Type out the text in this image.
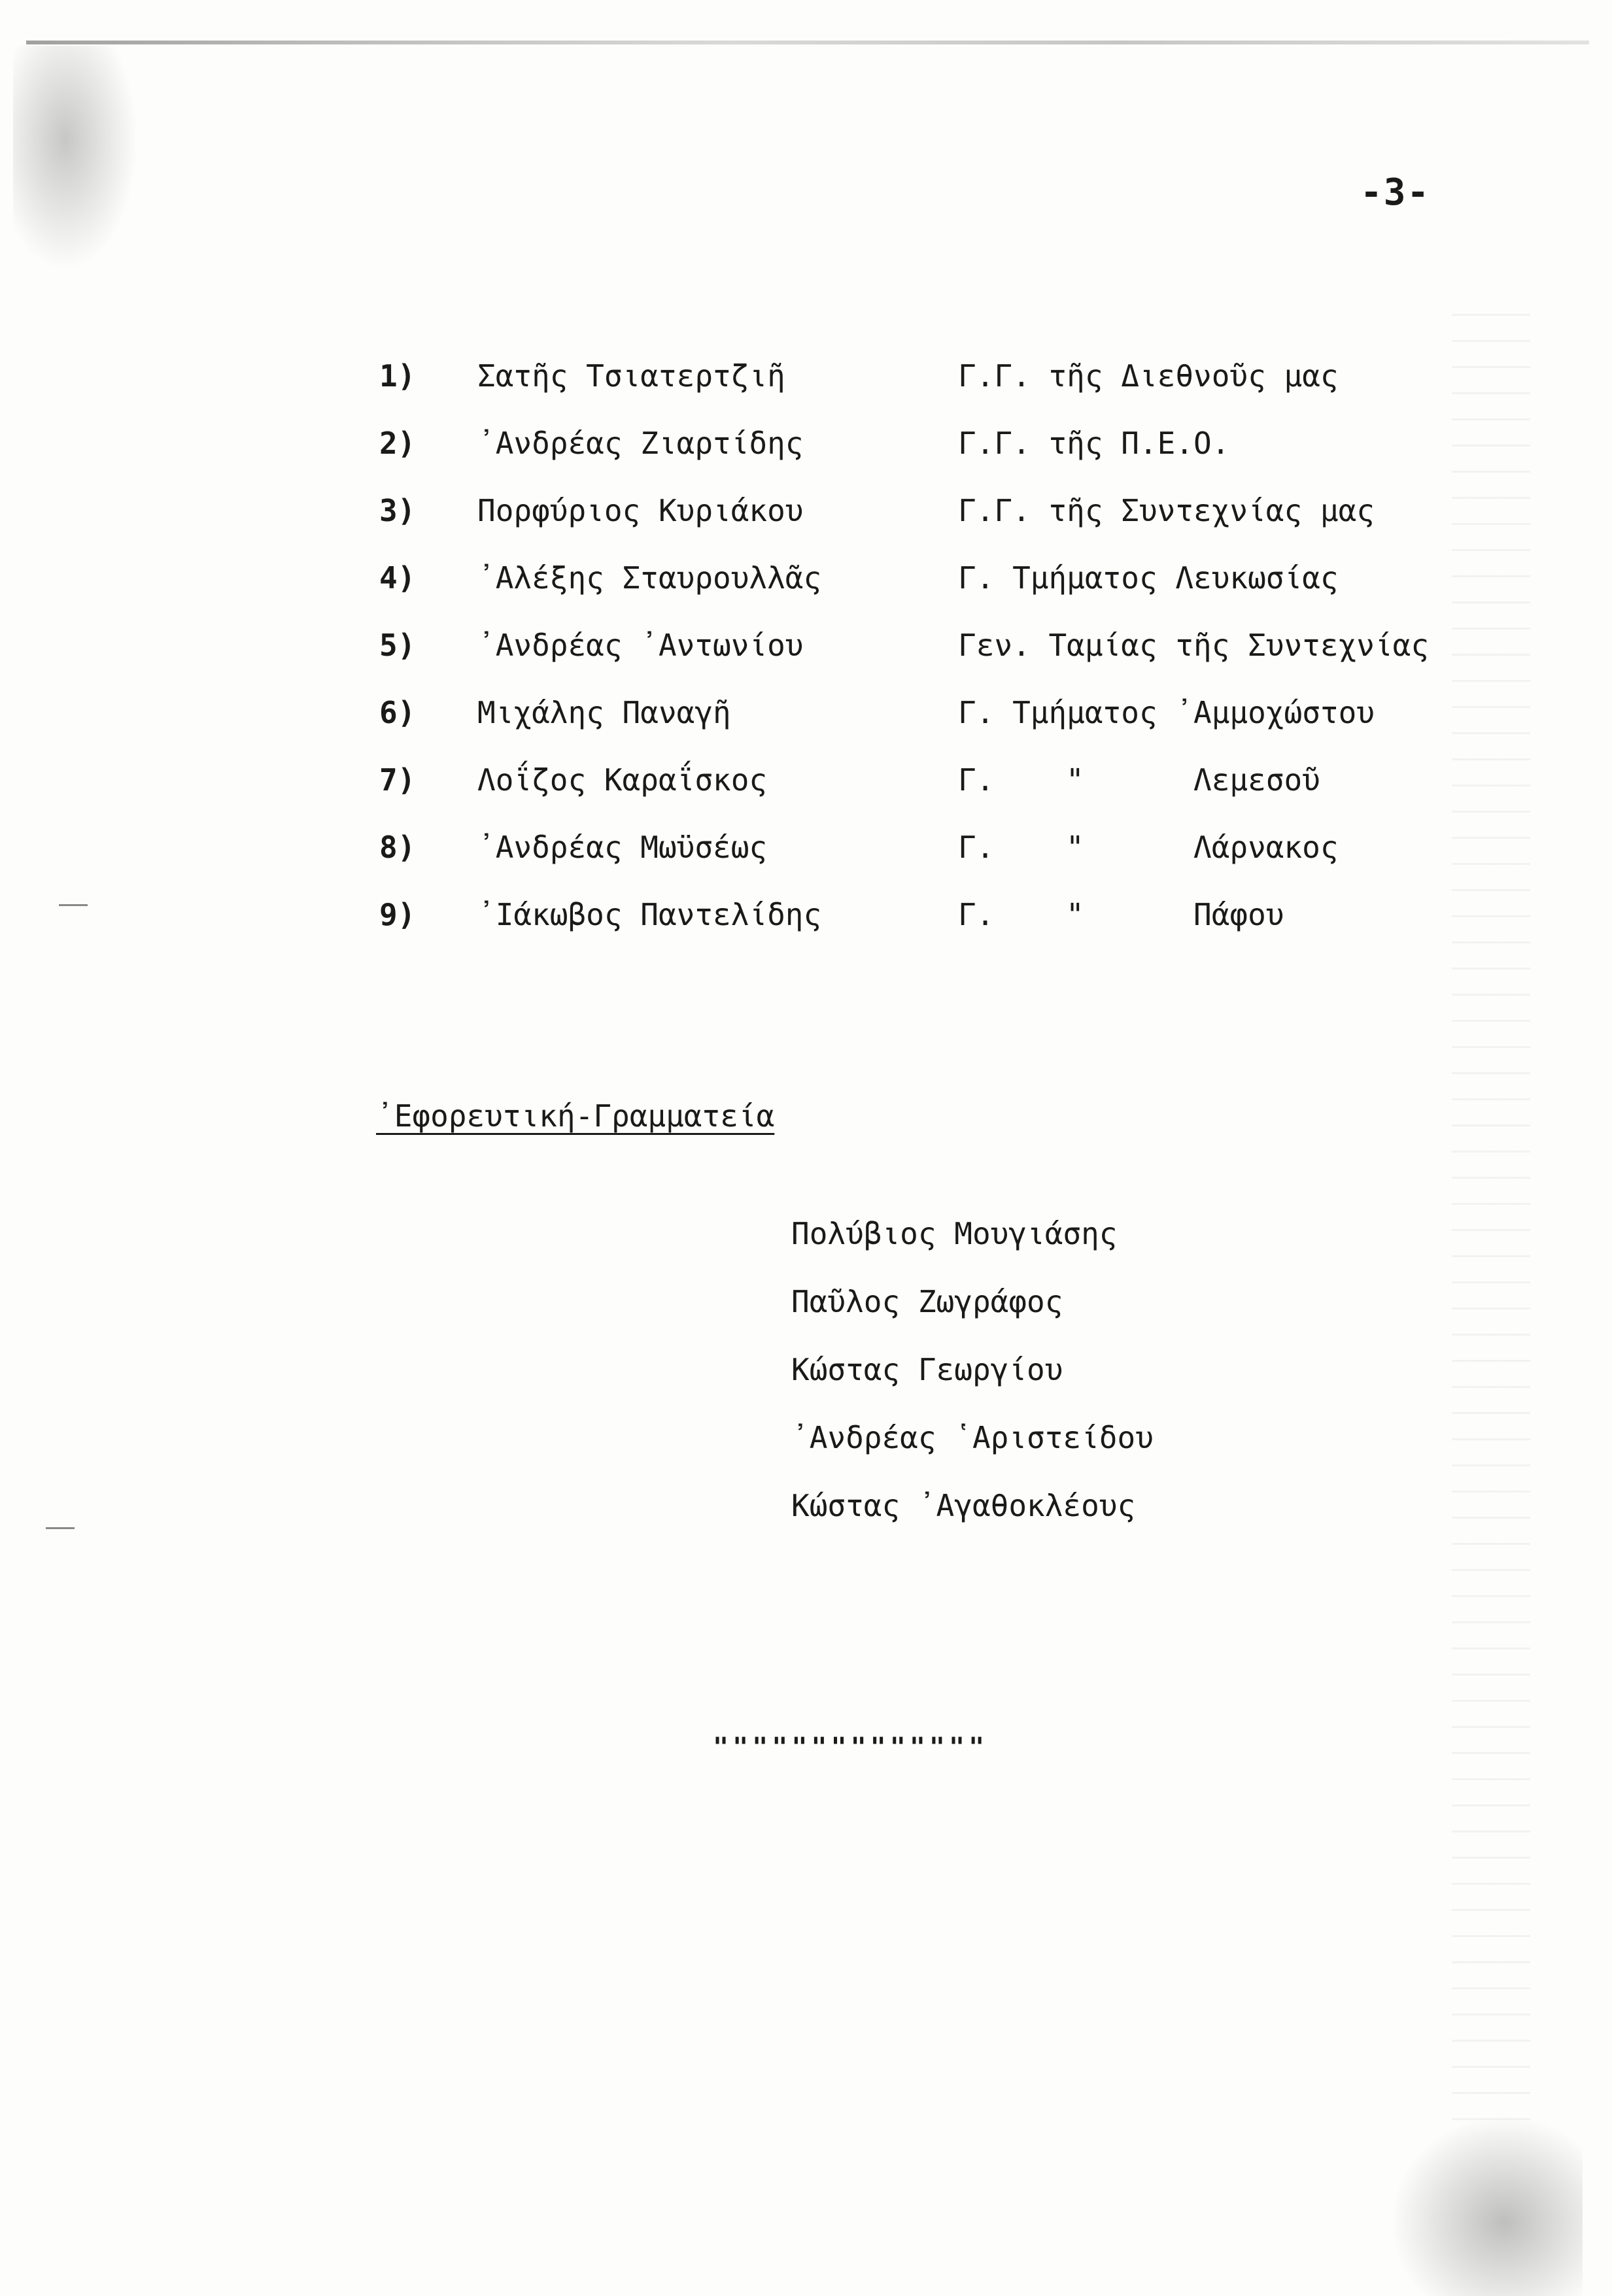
-3-
1) Σατῆς Τσιατερτζιῆ	Γ.Γ. τῆς Διεθνοῦς μας
2) ᾽Ανδρέας Ζιαρτίδης	Γ.Γ. τῆς Π.Ε.Ο.
3) Πορφύριος Κυριάκου	Γ.Γ. τῆς Συντεχνίας μας
4) ᾽Αλέξης Σταυρουλλᾶς	Γ. Τμήματος Λευκωσίας
5) ᾽Ανδρέας ᾽Αντωνίου	Γεν. Ταμίας τῆς Συντεχνίας
6) Μιχάλης Παναγῆ	Γ. Τμήματος ᾽Αμμοχώστου
7) Λοΐζος Καραΐσκος	Γ. "	Λεμεσοῦ
8) ᾽Ανδρέας Μωϋσέως	Γ. "	Λάρνακος
9) ᾽Ιάκωβος Παντελίδης	Γ. "	Πάφου
᾽Εφορευτική-Γραμματεία
Πολύβιος Μουγιάσης
Παῦλος Ζωγράφος
Κώστας Γεωργίου
᾽Ανδρέας ῾Αριστείδου
Κώστας ᾽Αγαθοκλέους
""""""""""""""
